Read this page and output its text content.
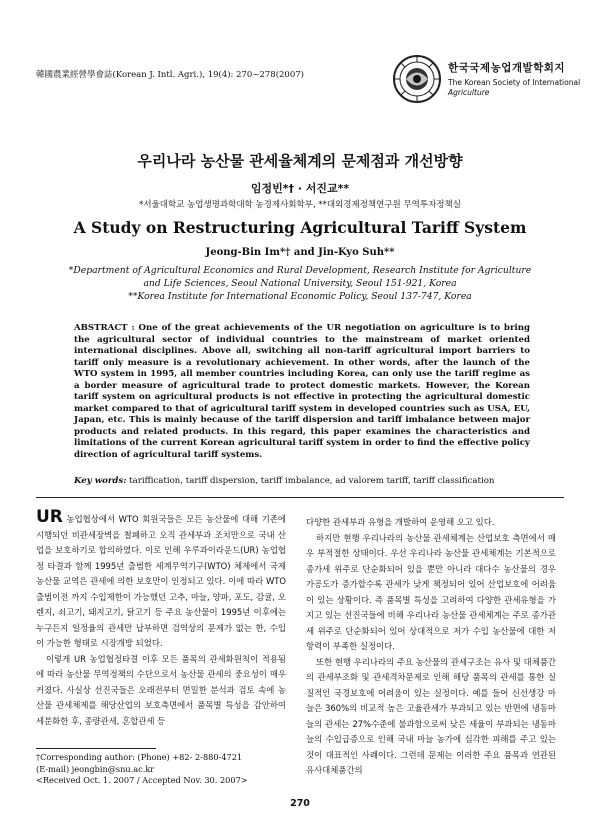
韓國農業經營學會誌(Korean J. Intl. Agri.), 19(4): 270~278(2007)
한국국제농업개발학회지
The Korean Society of International
Agriculture
우리나라 농산물 관세율체계의 문제점과 개선방향
임정빈*† · 서진교**
*서울대학교 농업생명과학대학 농경제사회학부, **대외경제정책연구원 무역투자정책실
A Study on Restructuring Agricultural Tariff System
Jeong-Bin Im*† and Jin-Kyo Suh**
*Department of Agricultural Economics and Rural Development, Research Institute for Agriculture
and Life Sciences, Seoul National University, Seoul 151-921, Korea
**Korea Institute for International Economic Policy, Seoul 137-747, Korea
ABSTRACT : One of the great achievements of the UR negotiation on agriculture is to bring the agricultural sector of individual countries to the mainstream of market oriented international disciplines. Above all, switching all non-tariff agricultural import barriers to tariff only measure is a revolutionary achievement. In other words, after the launch of the WTO system in 1995, all member countries including Korea, can only use the tariff regime as a border measure of agricultural trade to protect domestic markets. However, the Korean tariff system on agricultural products is not effective in protecting the agricultural domestic market compared to that of agricultural tariff system in developed countries such as USA, EU, Japan, etc. This is mainly because of the tariff dispersion and tariff imbalance between major products and related products. In this regard, this paper examines the characteristics and limitations of the current Korean agricultural tariff system in order to find the effective policy direction of agricultural tariff systems.
Key words: tariffication, tariff dispersion, tariff imbalance, ad valorem tariff, tariff classification

UR 농업협상에서 WTO 회원국들은 모든 농산물에 대해 기존에 시행되던 비관세장벽을 철폐하고 오직 관세부과 조치만으로 국내 산업을 보호하기로 합의하였다. 이로 인해 우루과이라운드(UR) 농업협정 타결과 함께 1995년 출범한 세계무역기구(WTO) 체제에서 국제 농산물 교역은 관세에 의한 보호만이 인정되고 있다. 이에 따라 WTO 출범이전 까지 수입제한이 가능했던 고추, 마늘, 양파, 포도, 감귤, 오렌지, 쇠고기, 돼지고기, 닭고기 등 주요 농산물이 1995년 이후에는 누구든지 일정율의 관세만 납부하면 검역상의 문제가 없는 한, 수입이 가능한 형태로 시장개방 되었다.

이렇게 UR 농업협정타결 이후 모든 품목의 관세화원칙이 적용됨에 따라 농산물 무역정책의 수단으로서 농산물 관세의 중요성이 매우 커졌다. 사실상 선진국들은 오래전부터 면밀한 분석과 검토 속에 농산물 관세체제를 해당산업의 보호측면에서 품목별 특성을 감안하여 세분화한 후, 종량관세, 혼합관세 등

다양한 관세부과 유형을 개발하여 운영해 오고 있다.

하지만 현행 우리나라의 농산물 관세체계는 산업보호 측면에서 매우 부적절한 상태이다. 우선 우리나라 농산물 관세체계는 기본적으로 종가세 위주로 단순화되어 있을 뿐만 아니라 대다수 농산물의 경우 가공도가 증가할수록 관세가 낮게 책정되어 있어 산업보호에 어려움이 있는 상황이다. 즉 품목별 특성을 고려하여 다양한 관세유형을 가지고 있는 선진국들에 비해 우리나라 농산물 관세체계는 주로 종가관세 위주로 단순화되어 있어 상대적으로 저가 수입 농산물에 대한 저항력이 부족한 실정이다.

또한 현행 우리나라의 주요 농산물의 관세구조는 유사 및 대체품간의 관세부조화 및 관세격차문제로 인해 해당 품목의 관세를 통한 실질적인 국경보호에 어려움이 있는 실정이다. 예를 들어 신선생강 마늘은 360%의 비교적 높은 고율관세가 부과되고 있는 반면에 냉동마늘의 관세는 27%수준에 불과함으로써 낮은 세율이 부과되는 냉동마늘의 수입급증으로 인해 국내 마늘 농가에 심각한 피해를 주고 있는 것이 대표적인 사례이다. 그런데 문제는 이러한 주요 품목과 연관된 유사대체품간의

†Corresponding author: (Phone) +82- 2-880-4721
(E-mail) jeongbin@snu.ac.kr
<Received Oct. 1. 2007 / Accepted Nov. 30. 2007>
270
